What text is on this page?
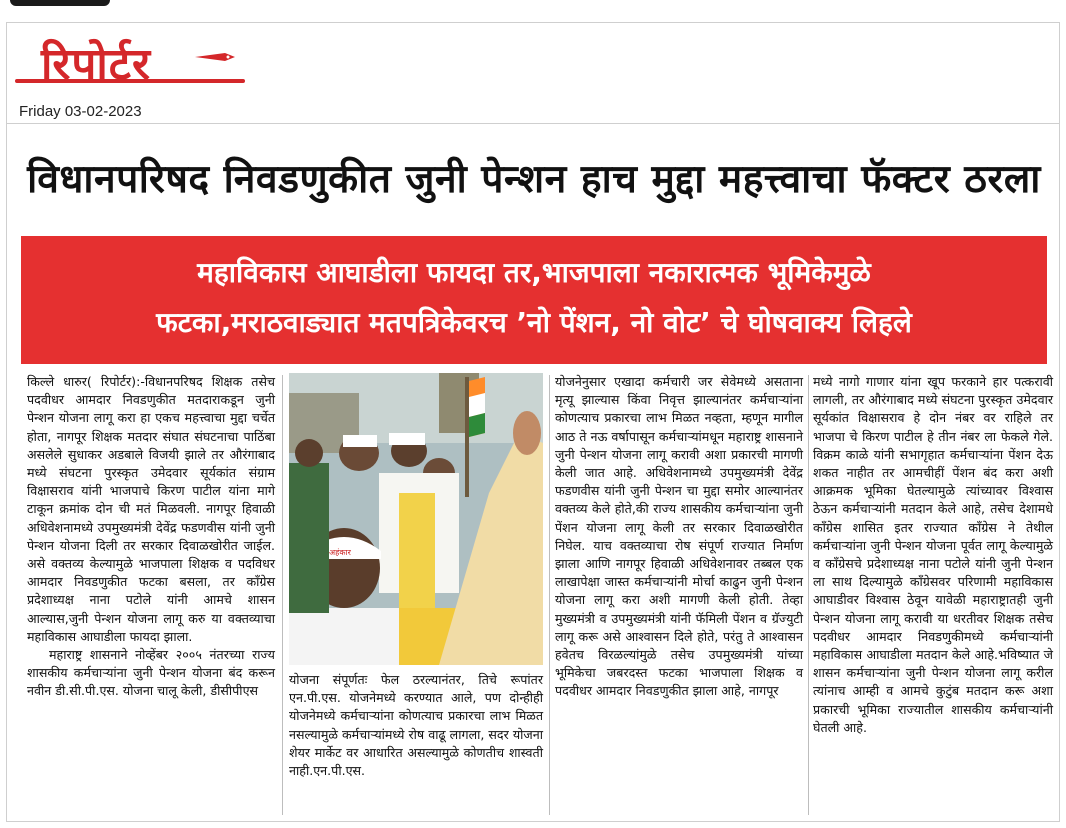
रिपोर्टर
Friday 03-02-2023
विधानपरिषद निवडणुकीत जुनी पेन्शन हाच मुद्दा महत्त्वाचा फॅक्टर ठरला
महाविकास आघाडीला फायदा तर,भाजपाला नकारात्मक भूमिकेमुळे
फटका,मराठवाड्यात मतपत्रिकेवरच ’नो पेंशन, नो वोट’ चे घोषवाक्य लिहले

किल्ले धारुर( रिपोर्टर):-विधानपरिषद शिक्षक तसेच पदवीधर आमदार निवडणुकीत मतदाराकडून जुनी पेन्शन योजना लागू करा हा एकच महत्त्वाचा मुद्दा चर्चेत होता, नागपूर शिक्षक मतदार संघात संघटनाचा पाठिंबा असलेले सुधाकर अडबाले विजयी झाले तर औरंगाबाद मध्ये संघटना पुरस्कृत उमेदवार सूर्यकांत संग्राम विक्षासराव यांनी भाजपाचे किरण पाटील यांना मागे टाकून क्रमांक दोन ची मतं मिळवली. नागपूर हिवाळी अधिवेशनामध्ये उपमुख्यमंत्री देवेंद्र फडणवीस यांनी जुनी पेन्शन योजना दिली तर सरकार दिवाळखोरीत जाईल. असे वक्तव्य केल्यामुळे भाजपाला शिक्षक व पदविधर आमदार निवडणुकीत फटका बसला, तर कॉंग्रेस प्रदेशाध्यक्ष नाना पटोले यांनी आमचे शासन आल्यास,जुनी पेन्शन योजना लागू करु या वक्तव्याचा महाविकास आघाडीला फायदा झाला.

महाराष्ट्र शासनाने नोव्हेंबर २००५ नंतरच्या राज्य शासकीय कर्मचाऱ्यांना जुनी पेन्शन योजना बंद करून नवीन डी.सी.पी.एस. योजना चालू केली, डीसीपीएस

अहंकार
योजना संपूर्णतः फेल ठरल्यानंतर, तिचे रूपांतर एन.पी.एस. योजनेमध्ये करण्यात आले, पण दोन्हीही योजनेमध्ये कर्मचाऱ्यांना कोणत्याच प्रकारचा लाभ मिळत नसल्यामुळे कर्मचाऱ्यांमध्ये रोष वाढू लागला, सदर योजना शेयर मार्केट वर आधारित असल्यामुळे कोणतीच शास्वती नाही.एन.पी.एस.
योजनेनुसार एखादा कर्मचारी जर सेवेमध्ये असताना मृत्यू झाल्यास किंवा निवृत्त झाल्यानंतर कर्मचाऱ्यांना कोणत्याच प्रकारचा लाभ मिळत नव्हता, म्हणून मागील आठ ते नऊ वर्षापासून कर्मचाऱ्यांमधून महाराष्ट्र शासनाने जुनी पेन्शन योजना लागू करावी अशा प्रकारची मागणी केली जात आहे. अधिवेशनामध्ये उपमुख्यमंत्री देवेंद्र फडणवीस यांनी जुनी पेन्शन चा मुद्दा समोर आल्यानंतर वक्तव्य केले होते,की राज्य शासकीय कर्मचाऱ्यांना जुनी पेंशन योजना लागू केली तर सरकार दिवाळखोरीत निघेल. याच वक्तव्याचा रोष संपूर्ण राज्यात निर्माण झाला आणि नागपूर हिवाळी अधिवेशनावर तब्बल एक लाखापेक्षा जास्त कर्मचाऱ्यांनी मोर्चा काढुन जुनी पेन्शन योजना लागू करा अशी मागणी केली होती. तेव्हा मुख्यमंत्री व उपमुख्यमंत्री यांनी फॅमिली पेंशन व ग्रॅज्युटी लागू करू असे आश्वासन दिले होते, परंतु ते आश्वासन हवेतच विरळल्यांमुळे तसेच उपमुख्यमंत्री यांच्या भूमिकेचा जबरदस्त फटका भाजपाला शिक्षक व पदवीधर आमदार निवडणुकीत झाला आहे, नागपूर
मध्ये नागो गाणार यांना खूप फरकाने हार पत्करावी लागली, तर औरंगाबाद मध्ये संघटना पुरस्कृत उमेदवार सूर्यकांत विक्षासराव हे दोन नंबर वर राहिले तर भाजपा चे किरण पाटील हे तीन नंबर ला फेकले गेले. विक्रम काळे यांनी सभागृहात कर्मचाऱ्यांना पेंशन देऊ शकत नाहीत तर आमचीहीं पेंशन बंद करा अशी आक्रमक भूमिका घेतल्यामुळे त्यांच्यावर विश्वास ठेऊन कर्मचाऱ्यांनी मतदान केले आहे, तसेच देशामधे कॉंग्रेस शासित इतर राज्यात कॉंग्रेस ने तेथील कर्मचाऱ्यांना जुनी पेन्शन योजना पूर्वत लागू केल्यामुळे व कॉंग्रेसचे प्रदेशाध्यक्ष नाना पटोले यांनी जुनी पेन्शन ला साथ दिल्यामुळे कॉंग्रेसवर परिणामी महाविकास आघाडीवर विश्वास ठेवून यावेळी महाराष्ट्रातही जुनी पेन्शन योजना लागू करावी या धरतीवर शिक्षक तसेच पदवीधर आमदार निवडणुकीमध्ये कर्मचाऱ्यांनी महाविकास आघाडीला मतदान केले आहे.भविष्यात जे शासन कर्मचाऱ्यांना जुनी पेन्शन योजना लागू करील त्यांनाच आम्ही व आमचे कुटुंब मतदान करू अशा प्रकारची भूमिका राज्यातील शासकीय कर्मचाऱ्यांनी घेतली आहे.
